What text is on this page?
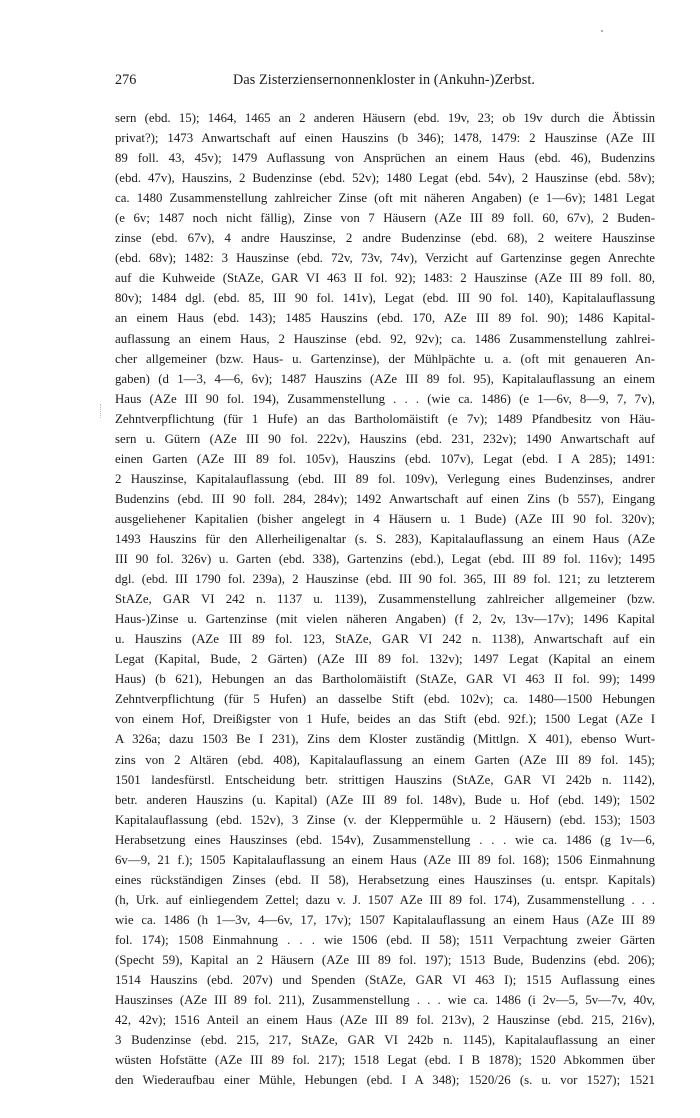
276	Das Zisterziensernonnenkloster in (Ankuhn-)Zerbst.
sern (ebd. 15); 1464, 1465 an 2 anderen Häusern (ebd. 19v, 23; ob 19v durch die Äbtissin
privat?); 1473 Anwartschaft auf einen Hauszins (b 346); 1478, 1479: 2 Hauszinse (AZe III
89 foll. 43, 45v); 1479 Auflassung von Ansprüchen an einem Haus (ebd. 46), Budenzins
(ebd. 47v), Hauszins, 2 Budenzinse (ebd. 52v); 1480 Legat (ebd. 54v), 2 Hauszinse (ebd. 58v);
ca. 1480 Zusammenstellung zahlreicher Zinse (oft mit näheren Angaben) (e 1—6v); 1481 Legat
(e 6v; 1487 noch nicht fällig), Zinse von 7 Häusern (AZe III 89 foll. 60, 67v), 2 Buden-
zinse (ebd. 67v), 4 andre Hauszinse, 2 andre Budenzinse (ebd. 68), 2 weitere Hauszinse
(ebd. 68v); 1482: 3 Hauszinse (ebd. 72v, 73v, 74v), Verzicht auf Gartenzinse gegen Anrechte
auf die Kuhweide (StAZe, GAR VI 463 II fol. 92); 1483: 2 Hauszinse (AZe III 89 foll. 80,
80v); 1484 dgl. (ebd. 85, III 90 fol. 141v), Legat (ebd. III 90 fol. 140), Kapitalauflassung
an einem Haus (ebd. 143); 1485 Hauszins (ebd. 170, AZe III 89 fol. 90); 1486 Kapital-
auflassung an einem Haus, 2 Hauszinse (ebd. 92, 92v); ca. 1486 Zusammenstellung zahlrei-
cher allgemeiner (bzw. Haus- u. Gartenzinse), der Mühlpächte u. a. (oft mit genaueren An-
gaben) (d 1—3, 4—6, 6v); 1487 Hauszins (AZe III 89 fol. 95), Kapitalauflassung an einem
Haus (AZe III 90 fol. 194), Zusammenstellung . . . (wie ca. 1486) (e 1—6v, 8—9, 7, 7v),
Zehntverpflichtung (für 1 Hufe) an das Bartholomäistift (e 7v); 1489 Pfandbesitz von Häu-
sern u. Gütern (AZe III 90 fol. 222v), Hauszins (ebd. 231, 232v); 1490 Anwartschaft auf
einen Garten (AZe III 89 fol. 105v), Hauszins (ebd. 107v), Legat (ebd. I A 285); 1491:
2 Hauszinse, Kapitalauflassung (ebd. III 89 fol. 109v), Verlegung eines Budenzinses, andrer
Budenzins (ebd. III 90 foll. 284, 284v); 1492 Anwartschaft auf einen Zins (b 557), Eingang
ausgeliehener Kapitalien (bisher angelegt in 4 Häusern u. 1 Bude) (AZe III 90 fol. 320v);
1493 Hauszins für den Allerheiligenaltar (s. S. 283), Kapitalauflassung an einem Haus (AZe
III 90 fol. 326v) u. Garten (ebd. 338), Gartenzins (ebd.), Legat (ebd. III 89 fol. 116v); 1495
dgl. (ebd. III 1790 fol. 239a), 2 Hauszinse (ebd. III 90 fol. 365, III 89 fol. 121; zu letzterem
StAZe, GAR VI 242 n. 1137 u. 1139), Zusammenstellung zahlreicher allgemeiner (bzw.
Haus-)Zinse u. Gartenzinse (mit vielen näheren Angaben) (f 2, 2v, 13v—17v); 1496 Kapital
u. Hauszins (AZe III 89 fol. 123, StAZe, GAR VI 242 n. 1138), Anwartschaft auf ein
Legat (Kapital, Bude, 2 Gärten) (AZe III 89 fol. 132v); 1497 Legat (Kapital an einem
Haus) (b 621), Hebungen an das Bartholomäistift (StAZe, GAR VI 463 II fol. 99); 1499
Zehntverpflichtung (für 5 Hufen) an dasselbe Stift (ebd. 102v); ca. 1480—1500 Hebungen
von einem Hof, Dreißigster von 1 Hufe, beides an das Stift (ebd. 92f.); 1500 Legat (AZe I
A 326a; dazu 1503 Be I 231), Zins dem Kloster zuständig (Mittlgn. X 401), ebenso Wurt-
zins von 2 Altären (ebd. 408), Kapitalauflassung an einem Garten (AZe III 89 fol. 145);
1501 landesfürstl. Entscheidung betr. strittigen Hauszins (StAZe, GAR VI 242b n. 1142),
betr. anderen Hauszins (u. Kapital) (AZe III 89 fol. 148v), Bude u. Hof (ebd. 149); 1502
Kapitalauflassung (ebd. 152v), 3 Zinse (v. der Kleppermühle u. 2 Häusern) (ebd. 153); 1503
Herabsetzung eines Hauszinses (ebd. 154v), Zusammenstellung . . . wie ca. 1486 (g 1v—6,
6v—9, 21 f.); 1505 Kapitalauflassung an einem Haus (AZe III 89 fol. 168); 1506 Einmahnung
eines rückständigen Zinses (ebd. II 58), Herabsetzung eines Hauszinses (u. entspr. Kapitals)
(h, Urk. auf einliegendem Zettel; dazu v. J. 1507 AZe III 89 fol. 174), Zusammenstellung . . .
wie ca. 1486 (h 1—3v, 4—6v, 17, 17v); 1507 Kapitalauflassung an einem Haus (AZe III 89
fol. 174); 1508 Einmahnung . . . wie 1506 (ebd. II 58); 1511 Verpachtung zweier Gärten
(Specht 59), Kapital an 2 Häusern (AZe III 89 fol. 197); 1513 Bude, Budenzins (ebd. 206);
1514 Hauszins (ebd. 207v) und Spenden (StAZe, GAR VI 463 I); 1515 Auflassung eines
Hauszinses (AZe III 89 fol. 211), Zusammenstellung . . . wie ca. 1486 (i 2v—5, 5v—7v, 40v,
42, 42v); 1516 Anteil an einem Haus (AZe III 89 fol. 213v), 2 Hauszinse (ebd. 215, 216v),
3 Budenzinse (ebd. 215, 217, StAZe, GAR VI 242b n. 1145), Kapitalauflassung an einer
wüsten Hofstätte (AZe III 89 fol. 217); 1518 Legat (ebd. I B 1878); 1520 Abkommen über
den Wiederaufbau einer Mühle, Hebungen (ebd. I A 348); 1520/26 (s. u. vor 1527); 1521
